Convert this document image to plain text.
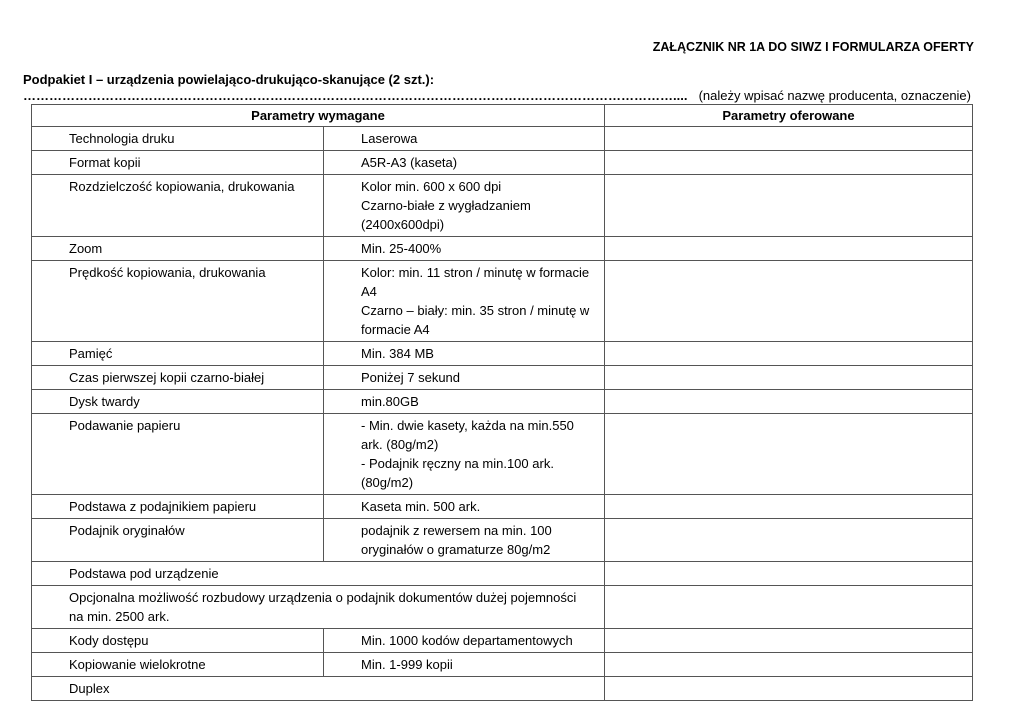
ZAŁĄCZNIK NR 1A DO SIWZ I FORMULARZA OFERTY
Podpakiet I – urządzenia powielająco-drukująco-skanujące (2 szt.):
…………………………………………………………………………………………………………………………………….... (należy wpisać nazwę producenta, oznaczenie)
Parametry wymagane		Parametry oferowane
Technologia druku	Laserowa	

Format kopii	A5R-A3 (kaseta)	

Rozdzielczość kopiowania, drukowania	Kolor min. 600 x 600 dpi
Czarno-białe z wygładzaniem
(2400x600dpi)	

Zoom	Min. 25-400%	

Prędkość kopiowania, drukowania	Kolor: min. 11 stron / minutę w formacie
A4
Czarno – biały: min. 35 stron / minutę w
formacie A4	

Pamięć	Min. 384 MB	

Czas pierwszej kopii czarno-białej	Poniżej 7 sekund	

Dysk twardy	min.80GB	

Podawanie papieru	- Min. dwie kasety, każda na min.550
ark. (80g/m2)
- Podajnik ręczny na min.100 ark.
(80g/m2)	

Podstawa z podajnikiem papieru	Kaseta min. 500 ark.	

Podajnik oryginałów	podajnik z rewersem na min. 100
oryginałów o gramaturze 80g/m2	

Podstawa pod urządzenie		

Opcjonalna możliwość rozbudowy urządzenia o podajnik dokumentów dużej pojemności
na min. 2500 ark.		

Kody dostępu	Min. 1000 kodów departamentowych	

Kopiowanie wielokrotne	Min. 1-999 kopii	

Duplex		
